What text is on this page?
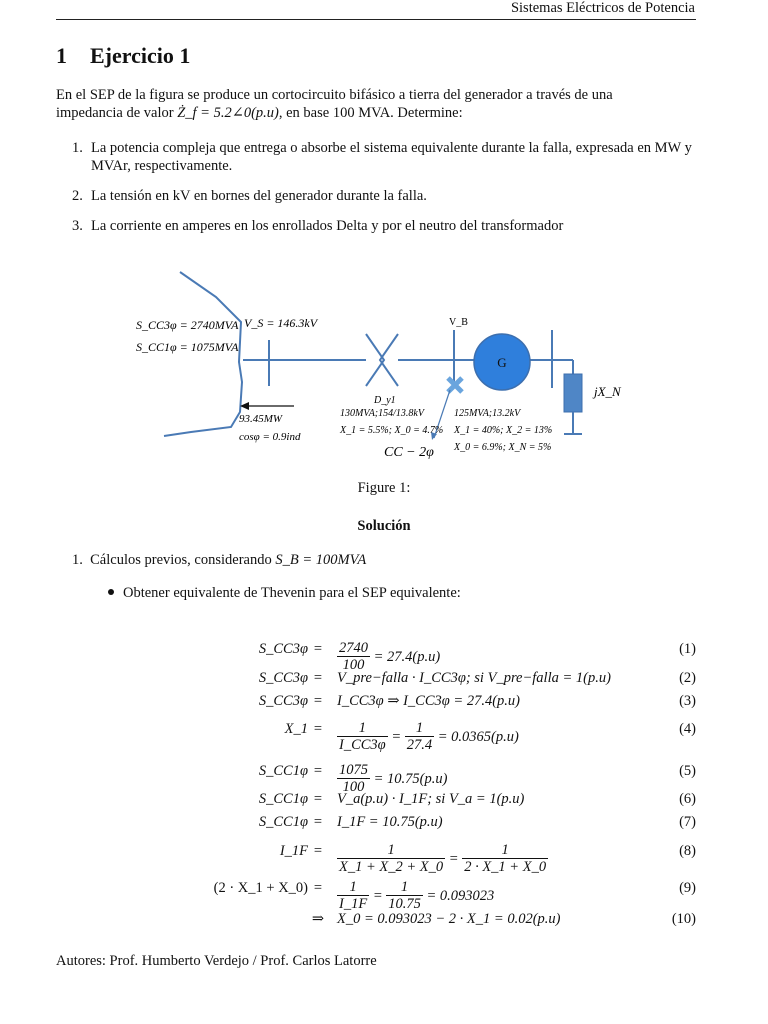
Sistemas Eléctricos de Potencia
1 Ejercicio 1
En el SEP de la figura se produce un cortocircuito bifásico a tierra del generador a través de una
impedancia de valor Ż_f = 5.2∠0(p.u), en base 100 MVA. Determine:
1. La potencia compleja que entrega o absorbe el sistema equivalente durante la falla, expresada en MW y MVAr, respectivamente.
2. La tensión en kV en bornes del generador durante la falla.
3. La corriente en amperes en los enrollados Delta y por el neutro del transformador
G
S_CC3φ = 2740MVA
S_CC1φ = 1075MVA
V_S = 146.3kV	V_B
jX_N
D_y1
93.45MW
cosφ = 0.9ind
130MVA;154/13.8kV
X_1 = 5.5%; X_0 = 4.7%
125MVA;13.2kV
X_1 = 40%; X_2 = 13%
X_0 = 6.9%; X_N = 5%
CC − 2φ
Figure 1:
Solución
1. Cálculos previos, considerando S_B = 100MVA
Obtener equivalente de Thevenin para el SEP equivalente:
S_CC3φ =	$\frac{2740}{100} = 27.4(p.u)$	(1)
S_CC3φ =	V_pre−falla · I_CC3φ; si V_pre−falla = 1(p.u)	(2)
S_CC3φ =	I_CC3φ ⇒ I_CC3φ = 27.4(p.u)	(3)
X_1 =	$\frac{1}{I\_CC3\varphi} = \frac{1}{27.4} = 0.0365(p.u)$	(4)
S_CC1φ =	$\frac{1075}{100} = 10.75(p.u)$	(5)
S_CC1φ =	V_a(p.u) · I_1F; si V_a = 1(p.u)	(6)
S_CC1φ =	I_1F = 10.75(p.u)	(7)
I_1F =	$\frac{1}{X\_1 + X\_2 + X\_0} = \frac{1}{2 \cdot X\_1 + X\_0}$	(8)
(2 · X_1 + X_0) =	$\frac{1}{I\_1F} = \frac{1}{10.75} = 0.093023$	(9)
⇒ X_0 = 0.093023 − 2 · X_1 = 0.02(p.u)	(10)
Autores: Prof. Humberto Verdejo / Prof. Carlos Latorre
